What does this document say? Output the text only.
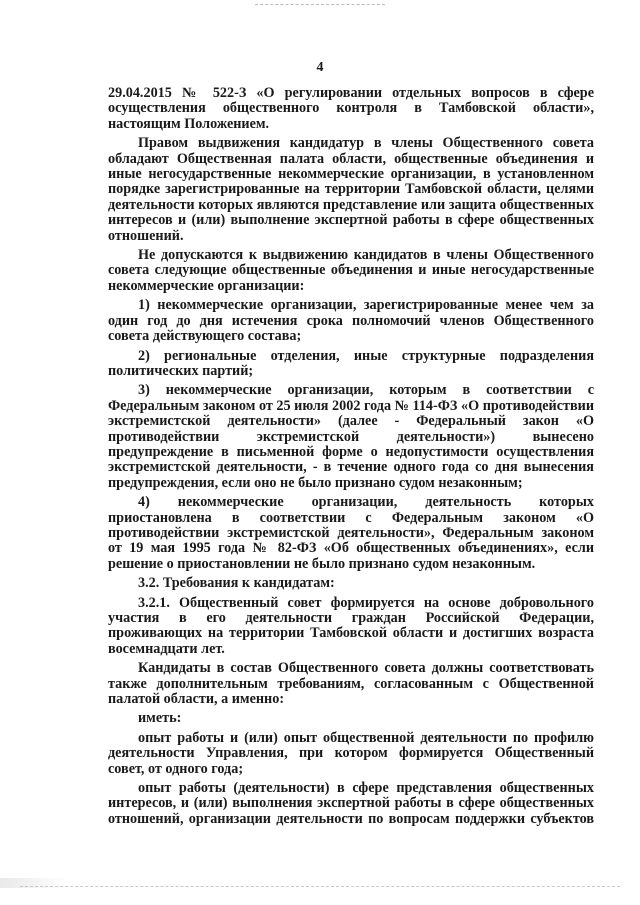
4

29.04.2015 № 522-З «О регулировании отдельных вопросов в сфере осуществления общественного контроля в Тамбовской области», настоящим Положением.

Правом выдвижения кандидатур в члены Общественного совета обладают Общественная палата области, общественные объединения и иные негосударственные некоммерческие организации, в установленном порядке зарегистрированные на территории Тамбовской области, целями деятельности которых являются представление или защита общественных интересов и (или) выполнение экспертной работы в сфере общественных отношений.

Не допускаются к выдвижению кандидатов в члены Общественного совета следующие общественные объединения и иные негосударственные некоммерческие организации:

1) некоммерческие организации, зарегистрированные менее чем за один год до дня истечения срока полномочий членов Общественного совета действующего состава;

2) региональные отделения, иные структурные подразделения политических партий;

3) некоммерческие организации, которым в соответствии с Федеральным законом от 25 июля 2002 года № 114-ФЗ «О противодействии экстремистской деятельности» (далее - Федеральный закон «О противодействии экстремистской деятельности») вынесено предупреждение в письменной форме о недопустимости осуществления экстремистской деятельности, - в течение одного года со дня вынесения предупреждения, если оно не было признано судом незаконным;

4) некоммерческие организации, деятельность которых приостановлена в соответствии с Федеральным законом «О противодействии экстремистской деятельности», Федеральным законом от 19 мая 1995 года № 82-ФЗ «Об общественных объединениях», если решение о приостановлении не было признано судом незаконным.

3.2. Требования к кандидатам:

3.2.1. Общественный совет формируется на основе добровольного участия в его деятельности граждан Российской Федерации, проживающих на территории Тамбовской области и достигших возраста восемнадцати лет.

Кандидаты в состав Общественного совета должны соответствовать также дополнительным требованиям, согласованным с Общественной палатой области, а именно:

иметь:

опыт работы и (или) опыт общественной деятельности по профилю деятельности Управления, при котором формируется Общественный совет, от одного года;

опыт работы (деятельности) в сфере представления общественных интересов, и (или) выполнения экспертной работы в сфере общественных отношений, организации деятельности по вопросам поддержки субъектов
